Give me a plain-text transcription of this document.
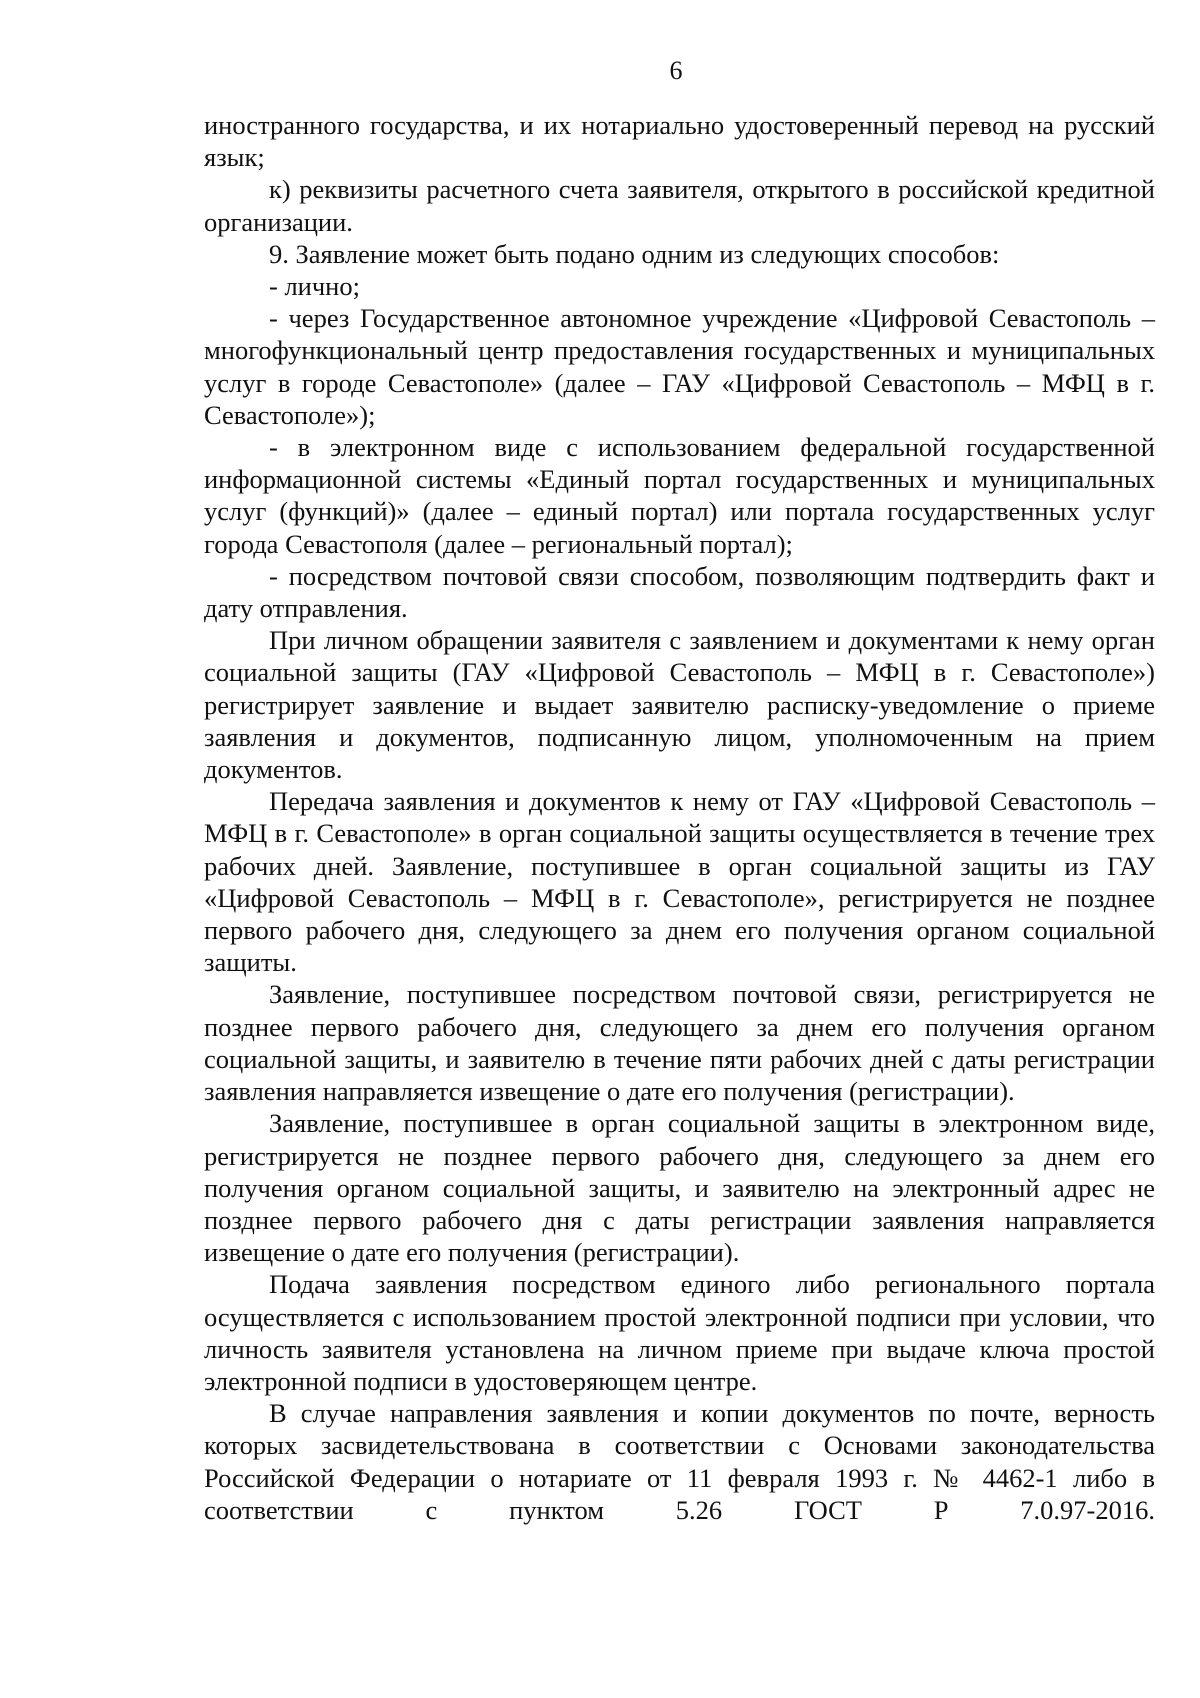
6

иностранного государства, и их нотариально удостоверенный перевод на русский язык;

к) реквизиты расчетного счета заявителя, открытого в российской кредитной организации.

9. Заявление может быть подано одним из следующих способов:

- лично;

- через Государственное автономное учреждение «Цифровой Севастополь – многофункциональный центр предоставления государственных и муниципальных услуг в городе Севастополе» (далее – ГАУ «Цифровой Севастополь – МФЦ в г. Севастополе»);

- в электронном виде с использованием федеральной государственной информационной системы «Единый портал государственных и муниципальных услуг (функций)» (далее – единый портал) или портала государственных услуг города Севастополя (далее – региональный портал);

- посредством почтовой связи способом, позволяющим подтвердить факт и дату отправления.

При личном обращении заявителя с заявлением и документами к нему орган социальной защиты (ГАУ «Цифровой Севастополь – МФЦ в г. Севастополе») регистрирует заявление и выдает заявителю расписку-уведомление о приеме заявления и документов, подписанную лицом, уполномоченным на прием документов.

Передача заявления и документов к нему от ГАУ «Цифровой Севастополь – МФЦ в г. Севастополе» в орган социальной защиты осуществляется в течение трех рабочих дней. Заявление, поступившее в орган социальной защиты из ГАУ «Цифровой Севастополь – МФЦ в г. Севастополе», регистрируется не позднее первого рабочего дня, следующего за днем его получения органом социальной защиты.

Заявление, поступившее посредством почтовой связи, регистрируется не позднее первого рабочего дня, следующего за днем его получения органом социальной защиты, и заявителю в течение пяти рабочих дней с даты регистрации заявления направляется извещение о дате его получения (регистрации).

Заявление, поступившее в орган социальной защиты в электронном виде, регистрируется не позднее первого рабочего дня, следующего за днем его получения органом социальной защиты, и заявителю на электронный адрес не позднее первого рабочего дня с даты регистрации заявления направляется извещение о дате его получения (регистрации).

Подача заявления посредством единого либо регионального портала осуществляется с использованием простой электронной подписи при условии, что личность заявителя установлена на личном приеме при выдаче ключа простой электронной подписи в удостоверяющем центре.

В случае направления заявления и копии документов по почте, верность которых засвидетельствована в соответствии с Основами законодательства Российской Федерации о нотариате от 11 февраля 1993 г. № 4462-1 либо в соответствии с пунктом 5.26 ГОСТ Р 7.0.97-2016.
